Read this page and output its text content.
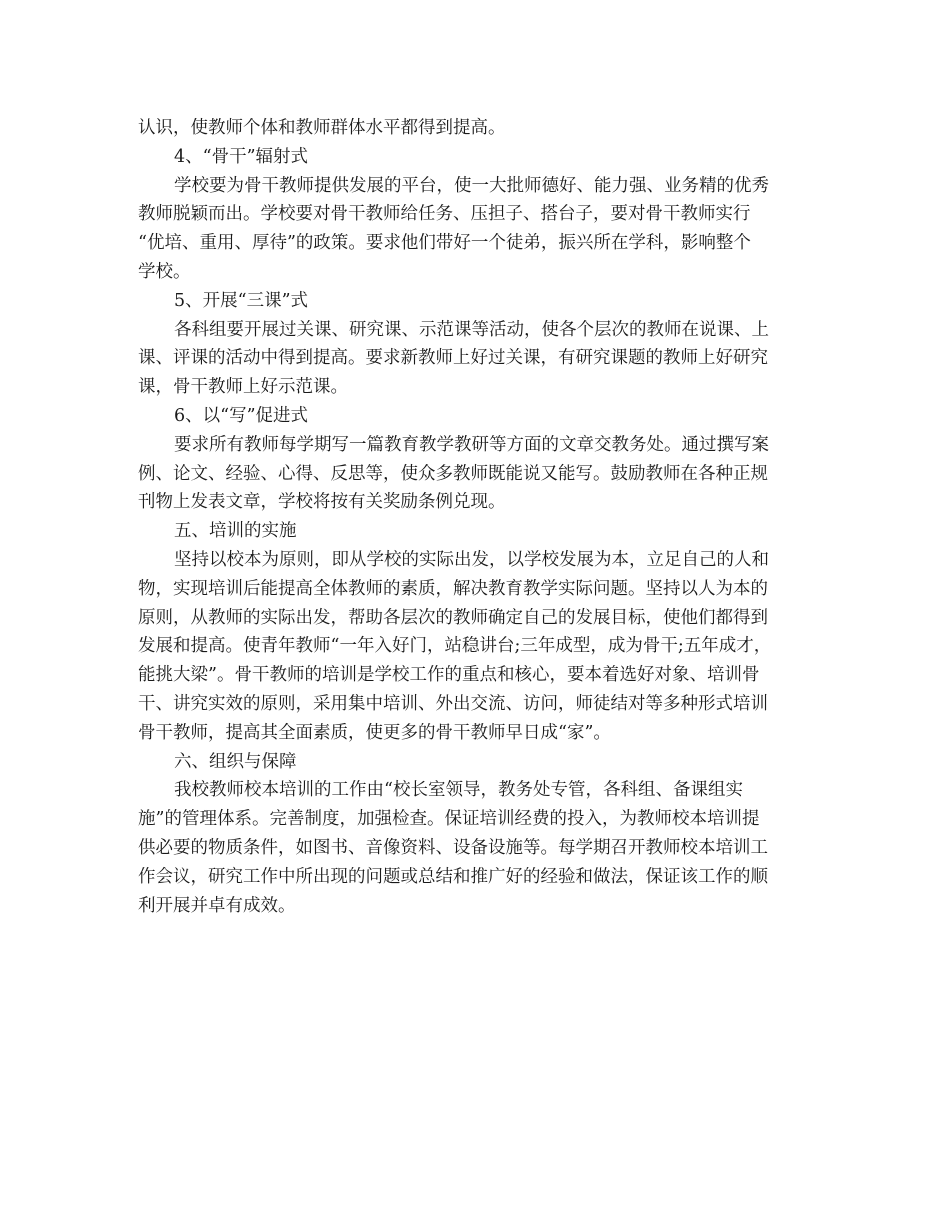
认识，使教师个体和教师群体水平都得到提高。
4、“骨干”辐射式
学校要为骨干教师提供发展的平台，使一大批师德好、能力强、业务精的优秀
教师脱颖而出。学校要对骨干教师给任务、压担子、搭台子，要对骨干教师实行
“优培、重用、厚待”的政策。要求他们带好一个徒弟，振兴所在学科，影响整个
学校。
5、开展“三课”式
各科组要开展过关课、研究课、示范课等活动，使各个层次的教师在说课、上
课、评课的活动中得到提高。要求新教师上好过关课，有研究课题的教师上好研究
课，骨干教师上好示范课。
6、以“写”促进式
要求所有教师每学期写一篇教育教学教研等方面的文章交教务处。通过撰写案
例、论文、经验、心得、反思等，使众多教师既能说又能写。鼓励教师在各种正规
刊物上发表文章，学校将按有关奖励条例兑现。
五、培训的实施
坚持以校本为原则，即从学校的实际出发，以学校发展为本，立足自己的人和
物，实现培训后能提高全体教师的素质，解决教育教学实际问题。坚持以人为本的
原则，从教师的实际出发，帮助各层次的教师确定自己的发展目标，使他们都得到
发展和提高。使青年教师“一年入好门，站稳讲台;三年成型，成为骨干;五年成才，
能挑大梁”。骨干教师的培训是学校工作的重点和核心，要本着选好对象、培训骨
干、讲究实效的原则，采用集中培训、外出交流、访问，师徒结对等多种形式培训
骨干教师，提高其全面素质，使更多的骨干教师早日成“家”。
六、组织与保障
我校教师校本培训的工作由“校长室领导，教务处专管，各科组、备课组实
施”的管理体系。完善制度，加强检查。保证培训经费的投入，为教师校本培训提
供必要的物质条件，如图书、音像资料、设备设施等。每学期召开教师校本培训工
作会议，研究工作中所出现的问题或总结和推广好的经验和做法，保证该工作的顺
利开展并卓有成效。
